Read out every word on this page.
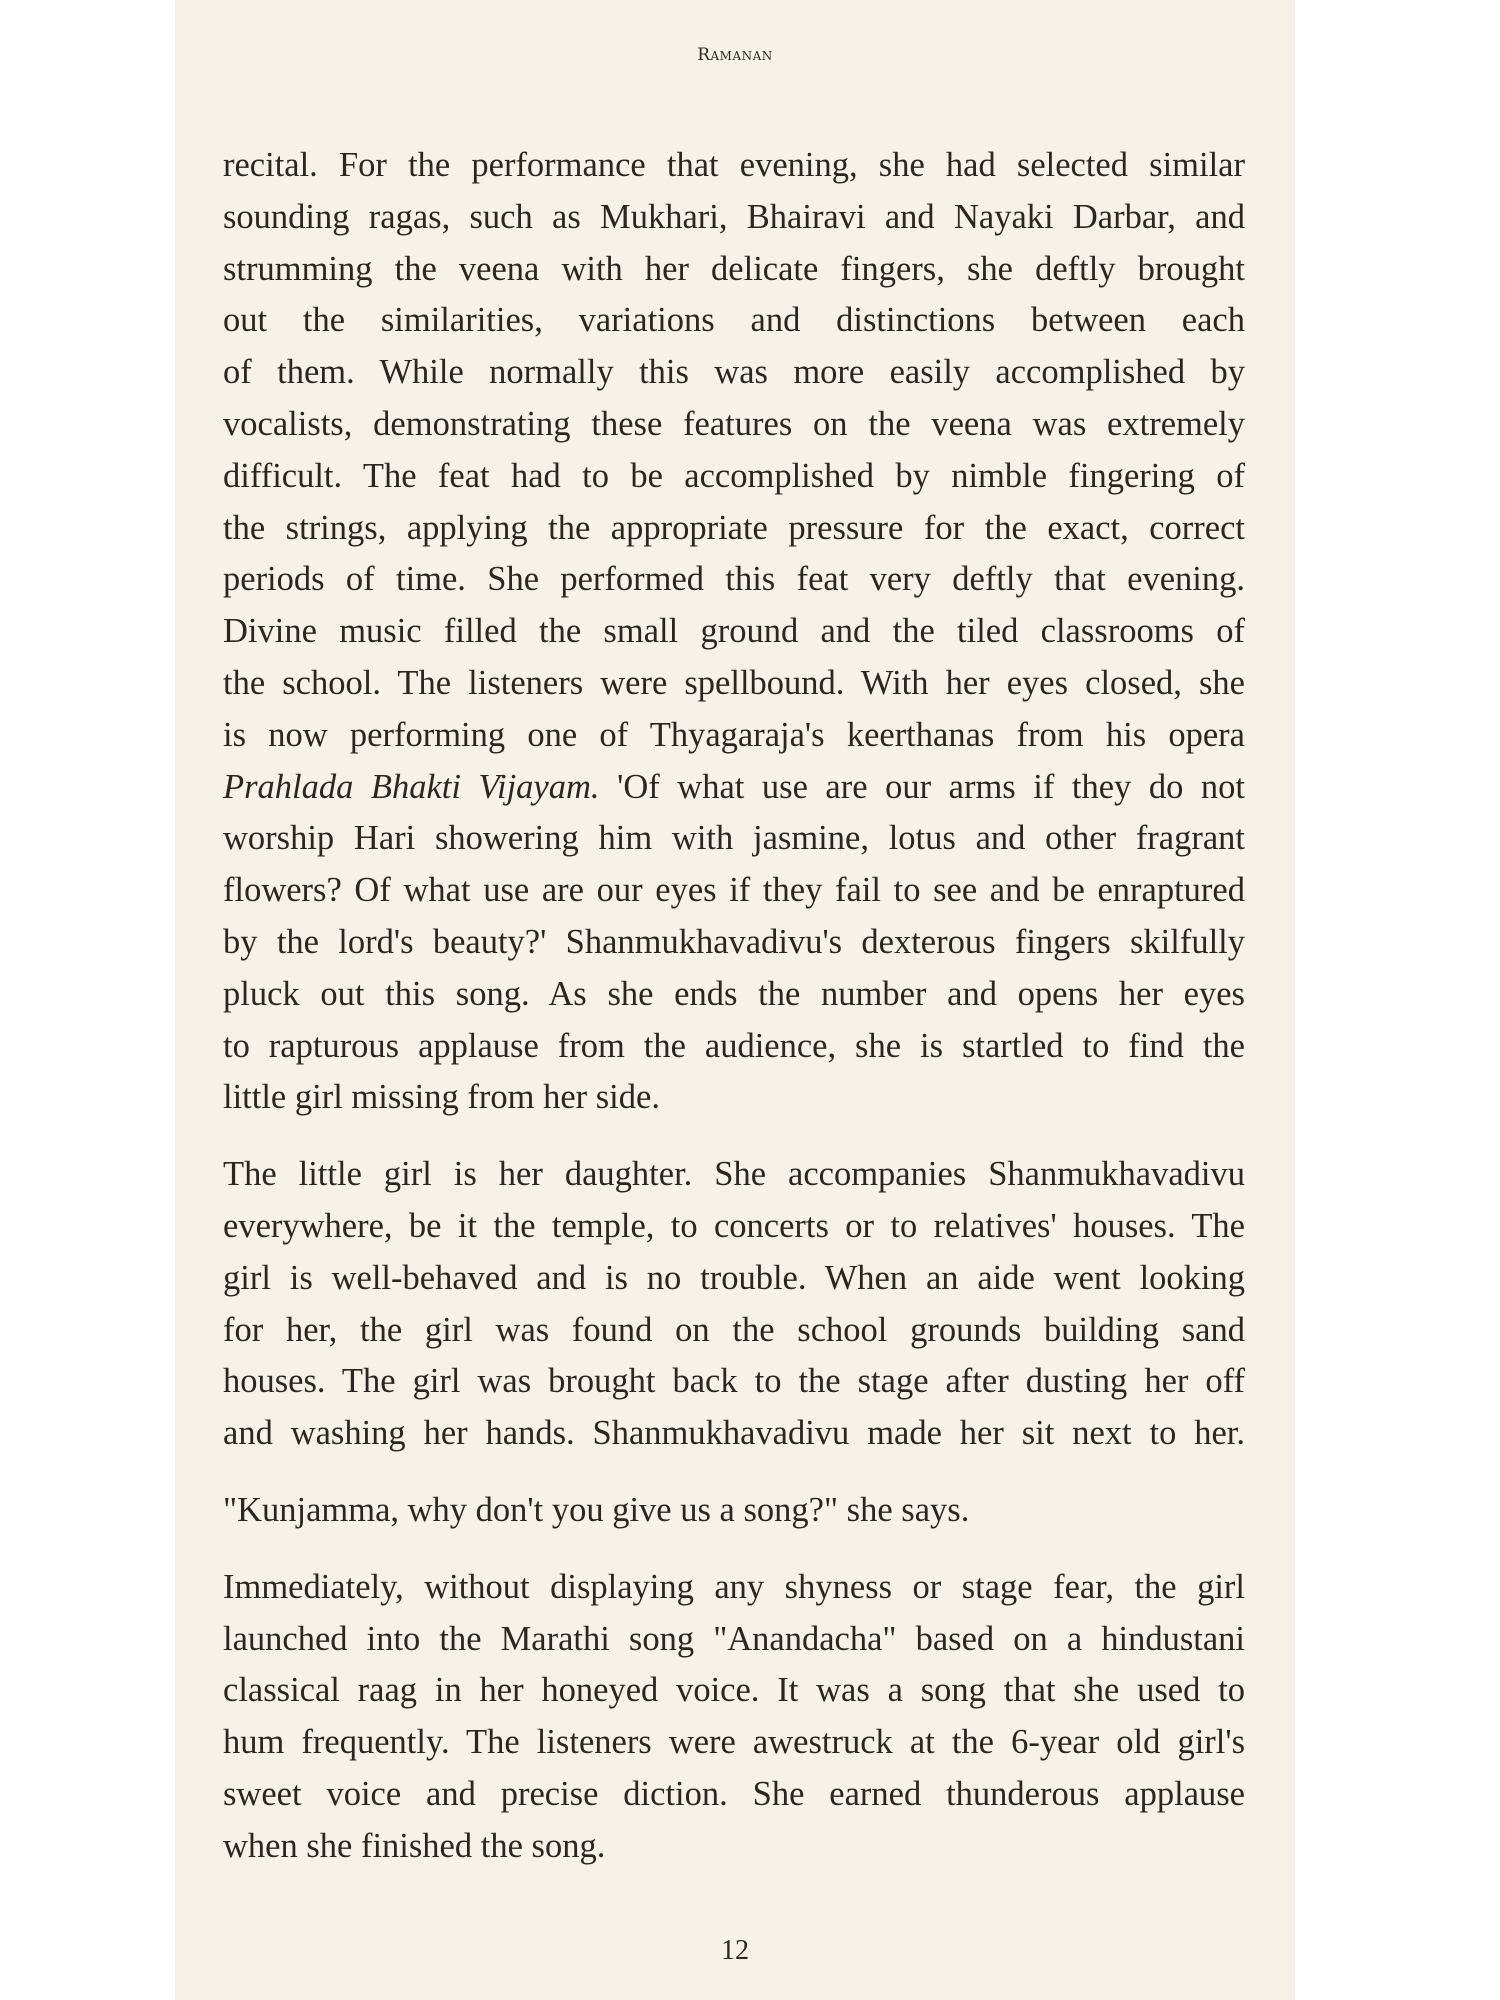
Ramanan
recital. For the performance that evening, she had selected similar
sounding ragas, such as Mukhari, Bhairavi and Nayaki Darbar, and
strumming the veena with her delicate fingers, she deftly brought
out the similarities, variations and distinctions between each
of them. While normally this was more easily accomplished by
vocalists, demonstrating these features on the veena was extremely
difficult. The feat had to be accomplished by nimble fingering of
the strings, applying the appropriate pressure for the exact, correct
periods of time. She performed this feat very deftly that evening.
Divine music filled the small ground and the tiled classrooms of
the school. The listeners were spellbound. With her eyes closed, she
is now performing one of Thyagaraja's keerthanas from his opera
Prahlada Bhakti Vijayam. 'Of what use are our arms if they do not
worship Hari showering him with jasmine, lotus and other fragrant
flowers? Of what use are our eyes if they fail to see and be enraptured
by the lord's beauty?' Shanmukhavadivu's dexterous fingers skilfully
pluck out this song. As she ends the number and opens her eyes
to rapturous applause from the audience, she is startled to find the
little girl missing from her side.
The little girl is her daughter. She accompanies Shanmukhavadivu
everywhere, be it the temple, to concerts or to relatives' houses. The
girl is well-behaved and is no trouble. When an aide went looking
for her, the girl was found on the school grounds building sand
houses. The girl was brought back to the stage after dusting her off
and washing her hands. Shanmukhavadivu made her sit next to her.
"Kunjamma, why don't you give us a song?" she says.
Immediately, without displaying any shyness or stage fear, the girl
launched into the Marathi song "Anandacha" based on a hindustani
classical raag in her honeyed voice. It was a song that she used to
hum frequently. The listeners were awestruck at the 6-year old girl's
sweet voice and precise diction. She earned thunderous applause
when she finished the song.
12
